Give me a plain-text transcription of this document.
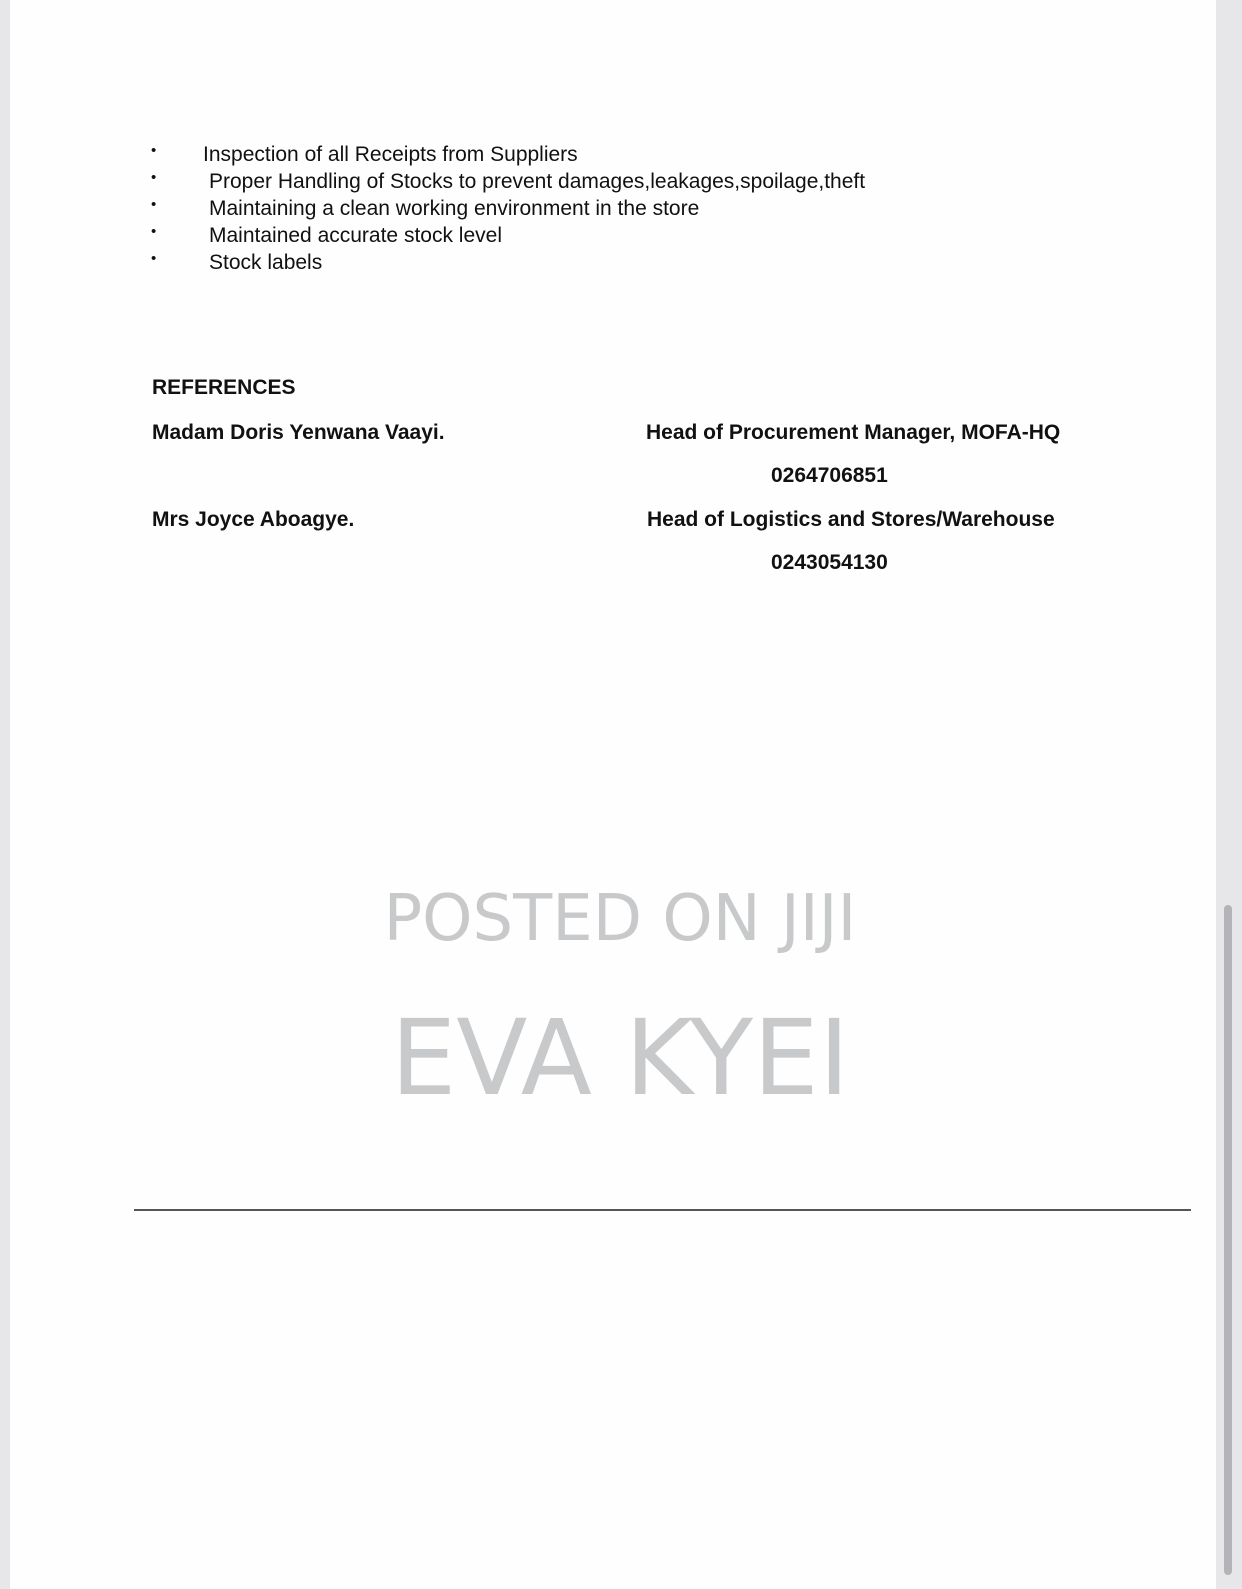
• Inspection of all Receipts from Suppliers
•	Proper Handling of Stocks to prevent damages,leakages,spoilage,theft
•	Maintaining a clean working environment in the store
•	Maintained accurate stock level
•	Stock labels
REFERENCES
Madam Doris Yenwana Vaayi.	Head of Procurement Manager, MOFA-HQ
0264706851
Mrs Joyce Aboagye.	Head of Logistics and Stores/Warehouse
0243054130
POSTED ON JIJI
EVA KYEI
